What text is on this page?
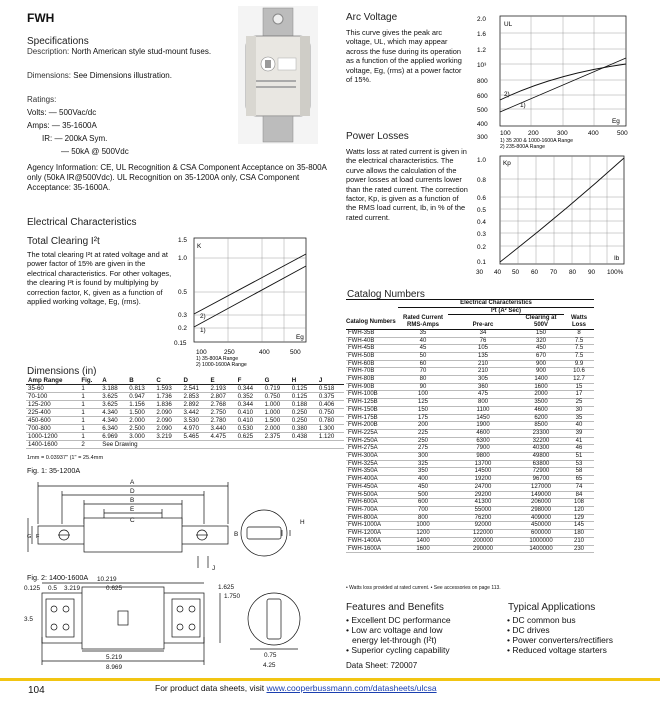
FWH
Specifications
Description: North American style stud-mount fuses.
Dimensions: See Dimensions illustration.
Ratings:
Volts: — 500Vac/dc
Amps: — 35-1600A
IR: — 200kA Sym.
— 50kA @ 500Vdc
Agency Information: CE, UL Recognition & CSA Component Acceptance on 35-800A only (50kA IR@500Vdc). UL Recognition on 35-1200A only, CSA Component Acceptance: 35-1600A.
Electrical Characteristics
Total Clearing I²t
The total clearing I²t at rated voltage and at power factor of 15% are given in the electrical characteristics. For other voltages, the clearing I²t is found by multiplying by correction factor, K, given as a function of applied working voltage, Eg, (rms).
1.5
1.0
0.5
0.3
0.2
0.15
100	250	400	500
K
Eg
1)
2)
1) 35-800A Range
2) 1000-1600A Range
Arc Voltage
This curve gives the peak arc voltage, UL, which may appear across the fuse during its operation as a function of the applied working voltage, Eg, (rms) at a power factor of 15%.
2.0
1.6
1.2
10³
800
600
500
400
300
100	200	300	400	500
UL
Eg
2)
1)
1) 35 200 & 1000-1600A Range
2) 235-800A Range
Power Losses
Watts loss at rated current is given in the electrical characteristics. The curve allows the calculation of the power losses at load currents lower than the rated current. The correction factor, Kp, is given as a function of the RMS load current, Ib, in % of the rated current.
1.0
0.8
0.6
0.5
0.4
0.3
0.2
0.1
30 40 50 60 70 80 90 100%
Kp
Ib
Dimensions (in)
Amp Range	Fig.	A	B	C	D	E	F	G	H	J
35-60	1	3.188	0.813	1.593	2.541	2.193	0.344	0.719	0.125	0.518
70-100	1	3.625	0.947	1.736	2.853	2.807	0.352	0.750	0.125	0.375
125-200	1	3.625	1.156	1.836	2.892	2.768	0.344	1.000	0.188	0.406
225-400	1	4.340	1.500	2.090	3.442	2.750	0.410	1.000	0.250	0.750
450-600	1	4.340	2.000	2.090	3.530	2.780	0.410	1.500	0.250	0.780
700-800	1	6.340	2.500	2.090	4.970	3.440	0.530	2.000	0.380	1.300
1000-1200	1	6.969	3.000	3.219	5.465	4.475	0.625	2.375	0.438	1.120
1400-1600	2	See Drawing								
1mm = 0.03937" (1" = 25.4mm
Fig. 1: 35-1200A
A
D
B
E
C
G F
H
J
B
Fig. 2: 1400-1600A 10.219
0.125 0.5 3.219	0.625	1.625
1.750
3.5
5.219
8.969
0.75
4.25
Catalog Numbers
	Electrical Characteristics			
		I²t (A² Sec)		
Catalog Numbers	Rated Current RMS-Amps	Pre-arc	Clearing at 500V	Watts Loss
FWH-35B	35	34	150	8
FWH-40B	40	76	320	7.5
FWH-45B	45	105	450	7.5
FWH-50B	50	135	670	7.5
FWH-60B	60	210	900	9.9
FWH-70B	70	210	900	10.6
FWH-80B	80	305	1400	12.7
FWH-90B	90	360	1600	15
FWH-100B	100	475	2000	17
FWH-125B	125	800	3500	25
FWH-150B	150	1100	4600	30
FWH-175B	175	1450	6200	35
FWH-200B	200	1900	8500	40
FWH-225A	225	4600	23300	39
FWH-250A	250	6300	32200	41
FWH-275A	275	7900	40300	46
FWH-300A	300	9800	49800	51
FWH-325A	325	13700	63800	53
FWH-350A	350	14500	72900	58
FWH-400A	400	19200	96700	65
FWH-450A	450	24700	127000	74
FWH-500A	500	29200	149000	84
FWH-600A	600	41300	206000	108
FWH-700A	700	55000	298000	120
FWH-800A	800	76200	409000	129
FWH-1000A	1000	92000	450000	145
FWH-1200A	1200	122000	600000	180
FWH-1400A	1400	200000	1000000	210
FWH-1600A	1600	290000	1400000	230
• Watts loss provided at rated current. • See accessories on page 113.
Features and Benefits
• Excellent DC performance
• Low arc voltage and low
energy let-through (I²t)
• Superior cycling capability
Typical Applications
• DC common bus
• DC drives
• Power converters/rectifiers
• Reduced voltage starters
Data Sheet: 720007
104	For product data sheets, visit www.cooperbussmann.com/datasheets/ulcsa
